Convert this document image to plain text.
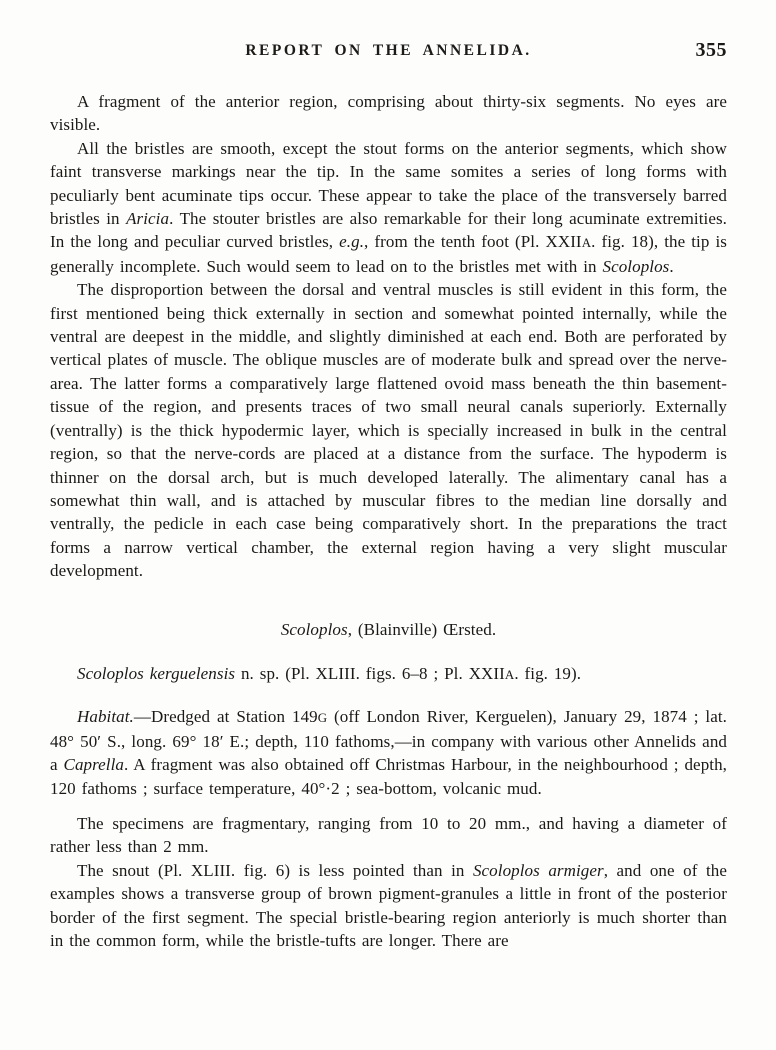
REPORT ON THE ANNELIDA.	355

A fragment of the anterior region, comprising about thirty-six segments. No eyes are visible.

All the bristles are smooth, except the stout forms on the anterior segments, which show faint transverse markings near the tip. In the same somites a series of long forms with peculiarly bent acuminate tips occur. These appear to take the place of the transversely barred bristles in Aricia. The stouter bristles are also remarkable for their long acuminate extremities. In the long and peculiar curved bristles, e.g., from the tenth foot (Pl. XXIIA. fig. 18), the tip is generally incomplete. Such would seem to lead on to the bristles met with in Scoloplos.

The disproportion between the dorsal and ventral muscles is still evident in this form, the first mentioned being thick externally in section and somewhat pointed internally, while the ventral are deepest in the middle, and slightly diminished at each end. Both are perforated by vertical plates of muscle. The oblique muscles are of moderate bulk and spread over the nerve-area. The latter forms a comparatively large flattened ovoid mass beneath the thin basement-tissue of the region, and presents traces of two small neural canals superiorly. Externally (ventrally) is the thick hypodermic layer, which is specially increased in bulk in the central region, so that the nerve-cords are placed at a distance from the surface. The hypoderm is thinner on the dorsal arch, but is much developed laterally. The alimentary canal has a somewhat thin wall, and is attached by muscular fibres to the median line dorsally and ventrally, the pedicle in each case being comparatively short. In the preparations the tract forms a narrow vertical chamber, the external region having a very slight muscular development.

Scoloplos, (Blainville) Œrsted.

Scoloplos kerguelensis n. sp. (Pl. XLIII. figs. 6–8 ; Pl. XXIIA. fig. 19).

Habitat.—Dredged at Station 149G (off London River, Kerguelen), January 29, 1874 ; lat. 48° 50′ S., long. 69° 18′ E.; depth, 110 fathoms,—in company with various other Annelids and a Caprella. A fragment was also obtained off Christmas Harbour, in the neighbourhood ; depth, 120 fathoms ; surface temperature, 40°·2 ; sea-bottom, volcanic mud.

The specimens are fragmentary, ranging from 10 to 20 mm., and having a diameter of rather less than 2 mm.

The snout (Pl. XLIII. fig. 6) is less pointed than in Scoloplos armiger, and one of the examples shows a transverse group of brown pigment-granules a little in front of the posterior border of the first segment. The special bristle-bearing region anteriorly is much shorter than in the common form, while the bristle-tufts are longer. There are
